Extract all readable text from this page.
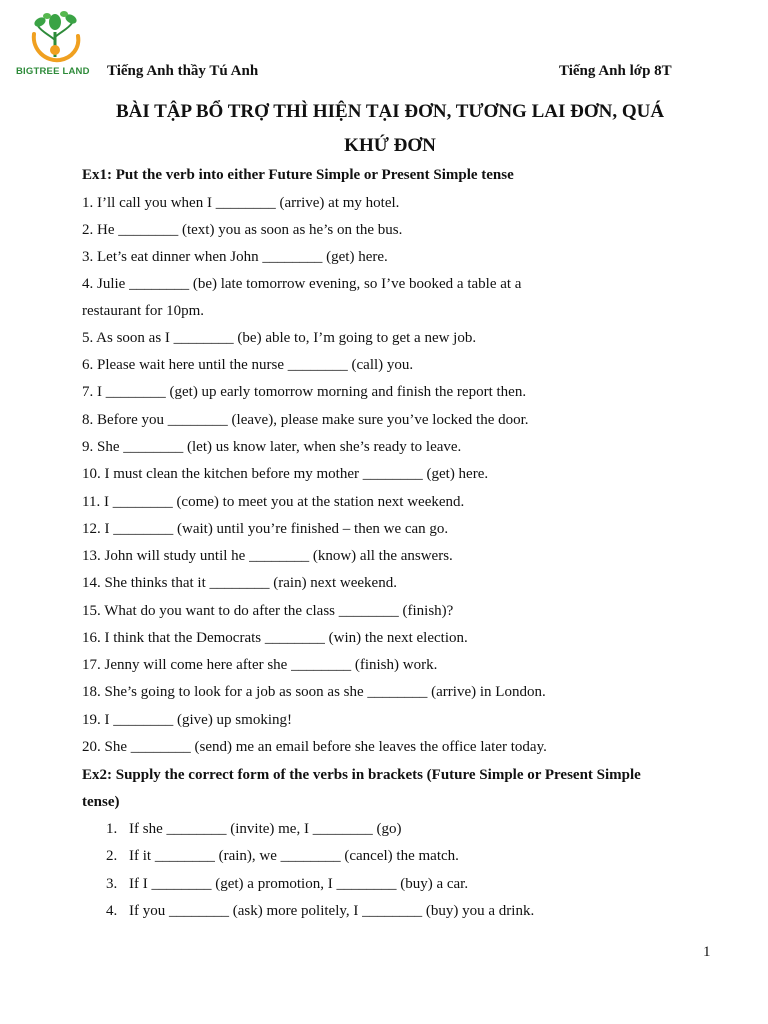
BIGTREE LAND	Tiếng Anh thầy Tú Anh	Tiếng Anh lớp 8T
BÀI TẬP BỔ TRỢ THÌ HIỆN TẠI ĐƠN, TƯƠNG LAI ĐƠN, QUÁ
KHỨ ĐƠN
Ex1: Put the verb into either Future Simple or Present Simple tense
1. I’ll call you when I ________ (arrive) at my hotel.
2. He ________ (text) you as soon as he’s on the bus.
3. Let’s eat dinner when John ________ (get) here.
4. Julie ________ (be) late tomorrow evening, so I’ve booked a table at a
restaurant for 10pm.
5. As soon as I ________ (be) able to, I’m going to get a new job.
6. Please wait here until the nurse ________ (call) you.
7. I ________ (get) up early tomorrow morning and finish the report then.
8. Before you ________ (leave), please make sure you’ve locked the door.
9. She ________ (let) us know later, when she’s ready to leave.
10. I must clean the kitchen before my mother ________ (get) here.
11. I ________ (come) to meet you at the station next weekend.
12. I ________ (wait) until you’re finished – then we can go.
13. John will study until he ________ (know) all the answers.
14. She thinks that it ________ (rain) next weekend.
15. What do you want to do after the class ________ (finish)?
16. I think that the Democrats ________ (win) the next election.
17. Jenny will come here after she ________ (finish) work.
18. She’s going to look for a job as soon as she ________ (arrive) in London.
19. I ________ (give) up smoking!
20. She ________ (send) me an email before she leaves the office later today.
Ex2: Supply the correct form of the verbs in brackets (Future Simple or Present Simple
tense)
1. If she ________ (invite) me, I ________ (go)
2. If it ________ (rain), we ________ (cancel) the match.
3. If I ________ (get) a promotion, I ________ (buy) a car.
4. If you ________ (ask) more politely, I ________ (buy) you a drink.
1
